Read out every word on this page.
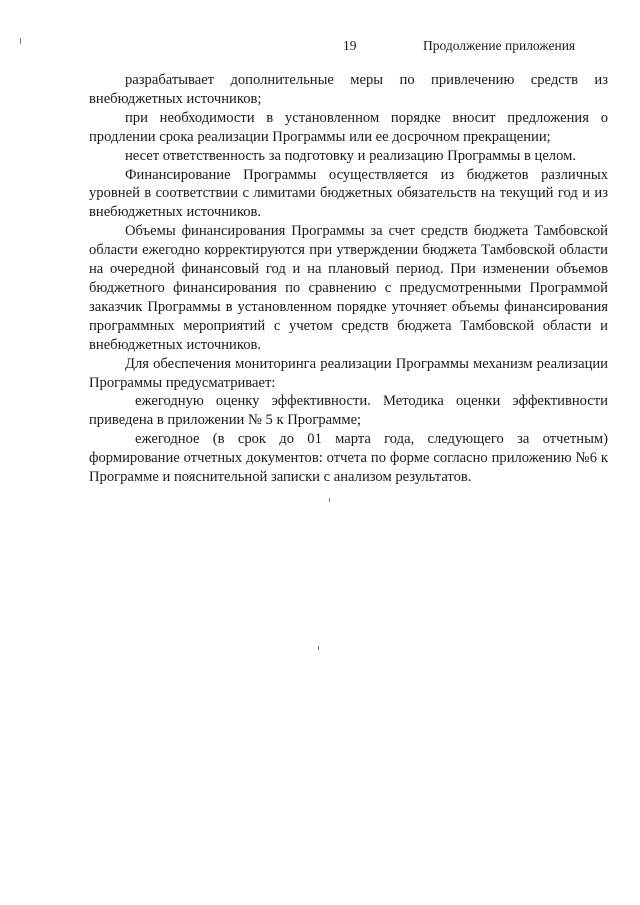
19	Продолжение приложения

разрабатывает дополнительные меры по привлечению средств из внебюджетных источников;

при необходимости в установленном порядке вносит предложения о продлении срока реализации Программы или ее досрочном прекращении;

несет ответственность за подготовку и реализацию Программы в целом.

Финансирование Программы осуществляется из бюджетов различных уровней в соответствии с лимитами бюджетных обязательств на текущий год и из внебюджетных источников.

Объемы финансирования Программы за счет средств бюджета Тамбовской области ежегодно корректируются при утверждении бюджета Тамбовской области на очередной финансовый год и на плановый период. При изменении объемов бюджетного финансирования по сравнению с предусмотренными Программой заказчик Программы в установленном порядке уточняет объемы финансирования программных мероприятий с учетом средств бюджета Тамбовской области и внебюджетных источников.

Для обеспечения мониторинга реализации Программы механизм реализации Программы предусматривает:

ежегодную оценку эффективности. Методика оценки эффективности приведена в приложении № 5 к Программе;

ежегодное (в срок до 01 марта года, следующего за отчетным) формирование отчетных документов: отчета по форме согласно приложению №6 к Программе и пояснительной записки с анализом результатов.
